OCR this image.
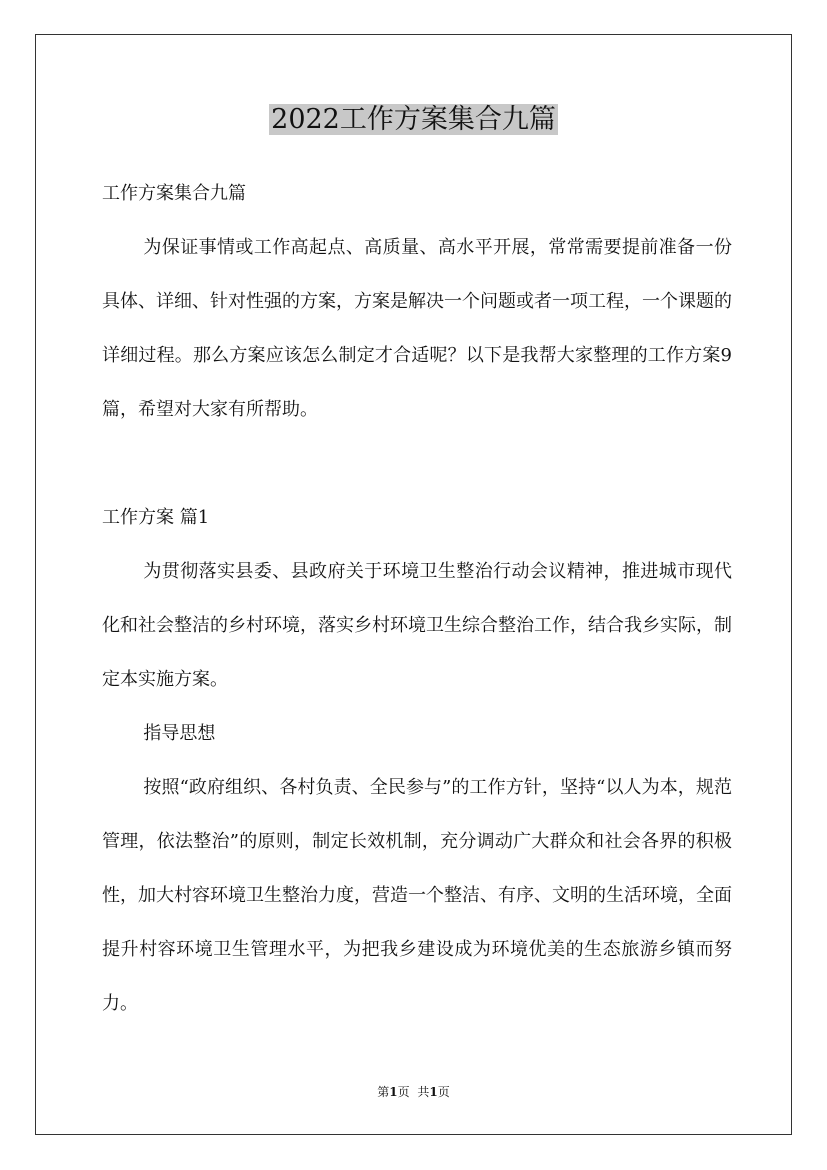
2022工作方案集合九篇

工作方案集合九篇

为保证事情或工作高起点、高质量、高水平开展，常常需要提前准备一份具体、详细、针对性强的方案，方案是解决一个问题或者一项工程，一个课题的详细过程。那么方案应该怎么制定才合适呢？以下是我帮大家整理的工作方案9篇，希望对大家有所帮助。

工作方案 篇1

为贯彻落实县委、县政府关于环境卫生整治行动会议精神，推进城市现代化和社会整洁的乡村环境，落实乡村环境卫生综合整治工作，结合我乡实际，制定本实施方案。

指导思想

按照“政府组织、各村负责、全民参与”的工作方针，坚持“以人为本，规范管理，依法整治”的原则，制定长效机制，充分调动广大群众和社会各界的积极性，加大村容环境卫生整治力度，营造一个整洁、有序、文明的生活环境，全面提升村容环境卫生管理水平，为把我乡建设成为环境优美的生态旅游乡镇而努力。

第1页 共1页
